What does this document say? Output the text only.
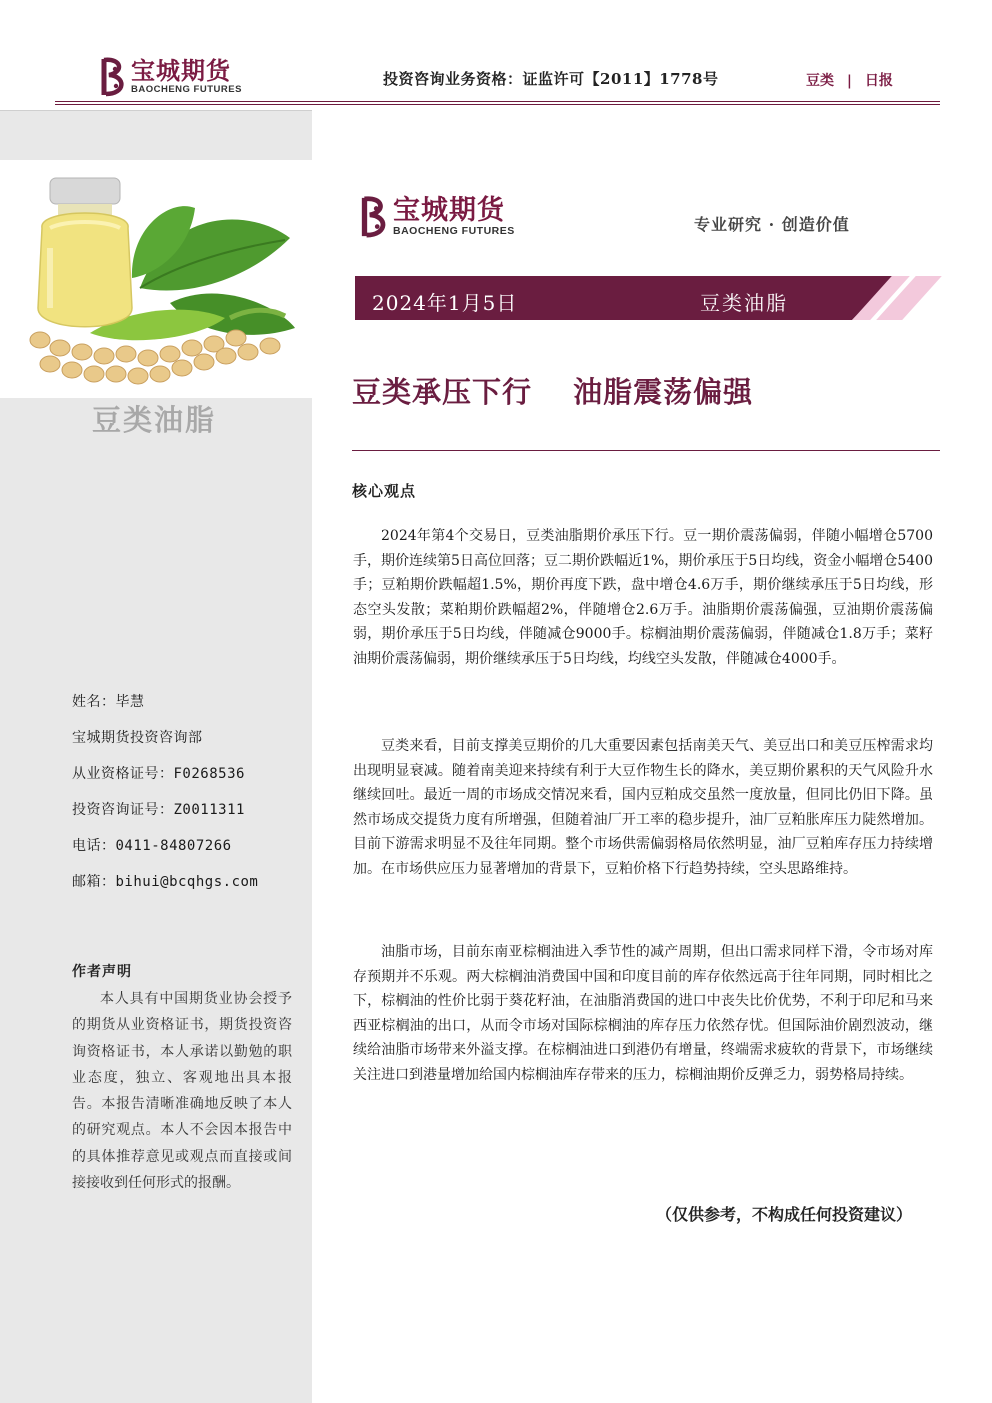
宝城期货
BAOCHENG FUTURES
投资咨询业务资格：证监许可【2011】1778号	豆类 | 日报
豆类油脂
姓名：毕慧
宝城期货投资咨询部
从业资格证号：F0268536
投资咨询证号：Z0011311
电话：0411-84807266
邮箱：bihui@bcqhgs.com
作者声明

本人具有中国期货业协会授予的期货从业资格证书，期货投资咨询资格证书，本人承诺以勤勉的职业态度，独立、客观地出具本报告。本报告清晰准确地反映了本人的研究观点。本人不会因本报告中的具体推荐意见或观点而直接或间接接收到任何形式的报酬。

宝城期货
BAOCHENG FUTURES	专业研究 · 创造价值
2024年1月5日	豆类油脂
豆类承压下行 油脂震荡偏强
核心观点

2024年第4个交易日，豆类油脂期价承压下行。豆一期价震荡偏弱，伴随小幅增仓5700手，期价连续第5日高位回落；豆二期价跌幅近1%，期价承压于5日均线，资金小幅增仓5400手；豆粕期价跌幅超1.5%，期价再度下跌，盘中增仓4.6万手，期价继续承压于5日均线，形态空头发散；菜粕期价跌幅超2%，伴随增仓2.6万手。油脂期价震荡偏强，豆油期价震荡偏弱，期价承压于5日均线，伴随减仓9000手。棕榈油期价震荡偏弱，伴随减仓1.8万手；菜籽油期价震荡偏弱，期价继续承压于5日均线，均线空头发散，伴随减仓4000手。

豆类来看，目前支撑美豆期价的几大重要因素包括南美天气、美豆出口和美豆压榨需求均出现明显衰减。随着南美迎来持续有利于大豆作物生长的降水，美豆期价累积的天气风险升水继续回吐。最近一周的市场成交情况来看，国内豆粕成交虽然一度放量，但同比仍旧下降。虽然市场成交提货力度有所增强，但随着油厂开工率的稳步提升，油厂豆粕胀库压力陡然增加。目前下游需求明显不及往年同期。整个市场供需偏弱格局依然明显，油厂豆粕库存压力持续增加。在市场供应压力显著增加的背景下，豆粕价格下行趋势持续，空头思路维持。

油脂市场，目前东南亚棕榈油进入季节性的减产周期，但出口需求同样下滑，令市场对库存预期并不乐观。两大棕榈油消费国中国和印度目前的库存依然远高于往年同期，同时相比之下，棕榈油的性价比弱于葵花籽油，在油脂消费国的进口中丧失比价优势，不利于印尼和马来西亚棕榈油的出口，从而令市场对国际棕榈油的库存压力依然存忧。但国际油价剧烈波动，继续给油脂市场带来外溢支撑。在棕榈油进口到港仍有增量，终端需求疲软的背景下，市场继续关注进口到港量增加给国内棕榈油库存带来的压力，棕榈油期价反弹乏力，弱势格局持续。

（仅供参考，不构成任何投资建议）
